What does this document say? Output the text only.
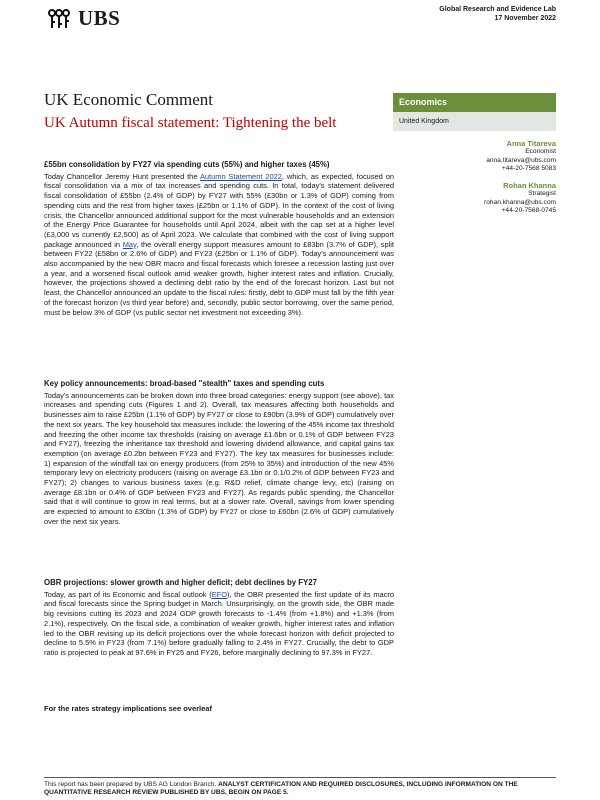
UBS	Global Research and Evidence Lab
17 November 2022
UK Economic Comment
UK Autumn fiscal statement: Tightening the belt
Economics
United Kingdom
Anna Titareva
Economist
anna.titareva@ubs.com
+44-20-7568 5083
Rohan Khanna
Strategist
rohan.khanna@ubs.com
+44-20-7568-0745
£55bn consolidation by FY27 via spending cuts (55%) and higher taxes (45%)

Today Chancellor Jeremy Hunt presented the Autumn Statement 2022, which, as expected, focused on fiscal consolidation via a mix of tax increases and spending cuts. In total, today's statement delivered fiscal consolidation of £55bn (2.4% of GDP) by FY27 with 55% (£30bn or 1.3% of GDP) coming from spending cuts and the rest from higher taxes (£25bn or 1.1% of GDP). In the context of the cost of living crisis, the Chancellor announced additional support for the most vulnerable households and an extension of the Energy Price Guarantee for households until April 2024, albeit with the cap set at a higher level (£3,000 vs currently £2,500) as of April 2023. We calculate that combined with the cost of living support package announced in May, the overall energy support measures amount to £83bn (3.7% of GDP), split between FY22 (£58bn or 2.6% of GDP) and FY23 (£25bn or 1.1% of GDP). Today's announcement was also accompanied by the new OBR macro and fiscal forecasts which foresee a recession lasting just over a year, and a worsened fiscal outlook amid weaker growth, higher interest rates and inflation. Crucially, however, the projections showed a declining debt ratio by the end of the forecast horizon. Last but not least, the Chancellor announced an update to the fiscal rules: firstly, debt to GDP must fall by the fifth year of the forecast horizon (vs third year before) and, secondly, public sector borrowing, over the same period, must be below 3% of GDP (vs public sector net investment not exceeding 3%).

Key policy announcements: broad-based "stealth" taxes and spending cuts

Today's announcements can be broken down into three broad categories: energy support (see above), tax increases and spending cuts (Figures 1 and 2). Overall, tax measures affecting both households and businesses aim to raise £25bn (1.1% of GDP) by FY27 or close to £90bn (3.9% of GDP) cumulatively over the next six years. The key household tax measures include: the lowering of the 45% income tax threshold and freezing the other income tax thresholds (raising on average £1.6bn or 0.1% of GDP between FY23 and FY27), freezing the inheritance tax threshold and lowering dividend allowance, and capital gains tax exemption (on average £0.2bn between FY23 and FY27). The key tax measures for businesses include: 1) expansion of the windfall tax on energy producers (from 25% to 35%) and introduction of the new 45% temporary levy on electricity producers (raising on average £3.1bn or 0.1/0.2% of GDP between FY23 and FY27); 2) changes to various business taxes (e.g. R&D relief, climate change levy, etc) (raising on average £8.1bn or 0.4% of GDP between FY23 and FY27). As regards public spending, the Chancellor said that it will continue to grow in real terms, but at a slower rate. Overall, savings from lower spending are expected to amount to £30bn (1.3% of GDP) by FY27 or close to £60bn (2.6% of GDP) cumulatively over the next six years.

OBR projections: slower growth and higher deficit; debt declines by FY27

Today, as part of its Economic and fiscal outlook (EFO), the OBR presented the first update of its macro and fiscal forecasts since the Spring budget in March. Unsurprisingly, on the growth side, the OBR made big revisions cutting its 2023 and 2024 GDP growth forecasts to -1.4% (from +1.8%) and +1.3% (from 2.1%), respectively. On the fiscal side, a combination of weaker growth, higher interest rates and inflation led to the OBR revising up its deficit projections over the whole forecast horizon with deficit projected to decline to 5.5% in FY23 (from 7.1%) before gradually falling to 2.4% in FY27. Crucially, the debt to GDP ratio is projected to peak at 97.6% in FY25 and FY26, before marginally declining to 97.3% in FY27.

For the rates strategy implications see overleaf
This report has been prepared by UBS AG London Branch. ANALYST CERTIFICATION AND REQUIRED DISCLOSURES, INCLUDING INFORMATION ON THE QUANTITATIVE RESEARCH REVIEW PUBLISHED BY UBS, BEGIN ON PAGE 5.
